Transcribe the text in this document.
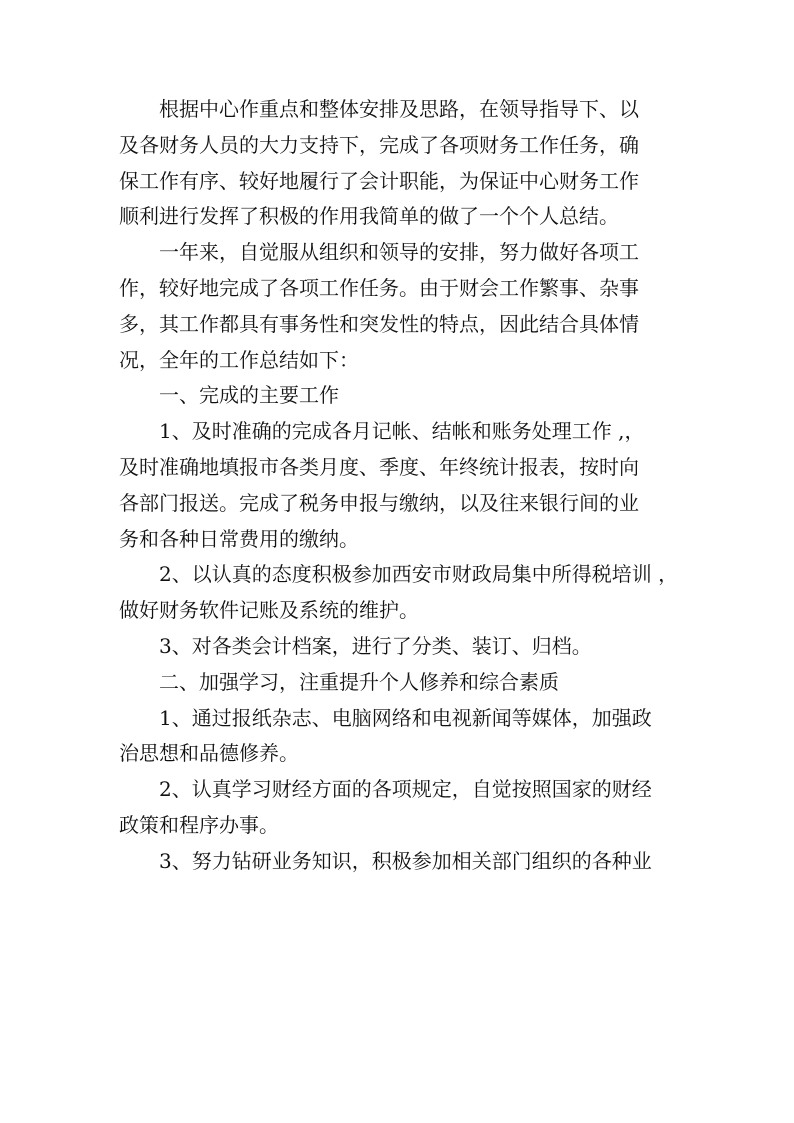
根据中心作重点和整体安排及思路，在领导指导下、以
及各财务人员的大力支持下，完成了各项财务工作任务，确
保工作有序、较好地履行了会计职能，为保证中心财务工作
顺利进行发挥了积极的作用我简单的做了一个个人总结。
一年来，自觉服从组织和领导的安排，努力做好各项工
作，较好地完成了各项工作任务。由于财会工作繁事、杂事
多，其工作都具有事务性和突发性的特点，因此结合具体情
况，全年的工作总结如下：
一、完成的主要工作
1、及时准确的完成各月记帐、结帐和账务处理工作 ,，
及时准确地填报市各类月度、季度、年终统计报表，按时向
各部门报送。完成了税务申报与缴纳，以及往来银行间的业
务和各种日常费用的缴纳。
2、以认真的态度积极参加西安市财政局集中所得税培训 ，
做好财务软件记账及系统的维护。
3、对各类会计档案，进行了分类、装订、归档。
二、加强学习，注重提升个人修养和综合素质
1、通过报纸杂志、电脑网络和电视新闻等媒体，加强政
治思想和品德修养。
2、认真学习财经方面的各项规定，自觉按照国家的财经
政策和程序办事。
3、努力钻研业务知识，积极参加相关部门组织的各种业
